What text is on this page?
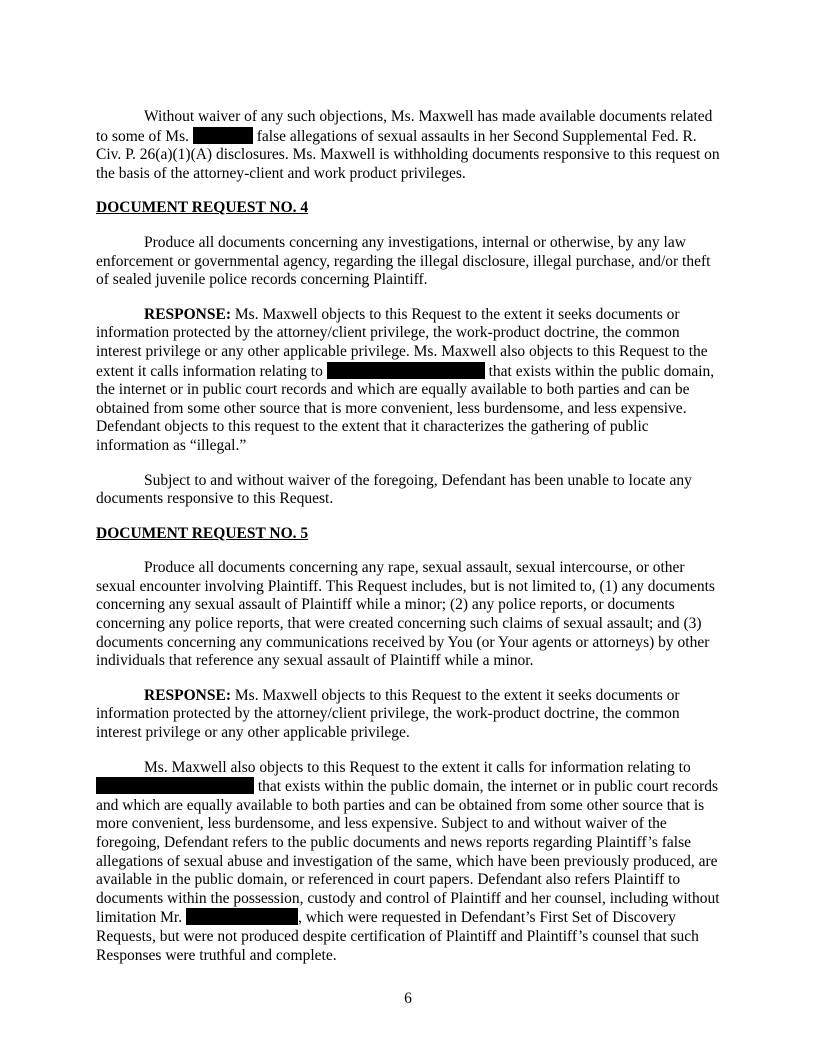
Without waiver of any such objections, Ms. Maxwell has made available documents related to some of Ms.	false allegations of sexual assaults in her Second Supplemental Fed. R. Civ. P. 26(a)(1)(A) disclosures. Ms. Maxwell is withholding documents responsive to this request on the basis of the attorney-client and work product privileges.

DOCUMENT REQUEST NO. 4

Produce all documents concerning any investigations, internal or otherwise, by any law enforcement or governmental agency, regarding the illegal disclosure, illegal purchase, and/or theft of sealed juvenile police records concerning Plaintiff.

RESPONSE: Ms. Maxwell objects to this Request to the extent it seeks documents or information protected by the attorney/client privilege, the work-product doctrine, the common interest privilege or any other applicable privilege. Ms. Maxwell also objects to this Request to the extent it calls information relating to	that exists within the public domain, the internet or in public court records and which are equally available to both parties and can be obtained from some other source that is more convenient, less burdensome, and less expensive. Defendant objects to this request to the extent that it characterizes the gathering of public information as “illegal.”

Subject to and without waiver of the foregoing, Defendant has been unable to locate any documents responsive to this Request.

DOCUMENT REQUEST NO. 5

Produce all documents concerning any rape, sexual assault, sexual intercourse, or other sexual encounter involving Plaintiff. This Request includes, but is not limited to, (1) any documents concerning any sexual assault of Plaintiff while a minor; (2) any police reports, or documents concerning any police reports, that were created concerning such claims of sexual assault; and (3) documents concerning any communications received by You (or Your agents or attorneys) by other individuals that reference any sexual assault of Plaintiff while a minor.

RESPONSE: Ms. Maxwell objects to this Request to the extent it seeks documents or information protected by the attorney/client privilege, the work-product doctrine, the common interest privilege or any other applicable privilege.

Ms. Maxwell also objects to this Request to the extent it calls for information relating to  that exists within the public domain, the internet or in public court records and which are equally available to both parties and can be obtained from some other source that is more convenient, less burdensome, and less expensive. Subject to and without waiver of the foregoing, Defendant refers to the public documents and news reports regarding Plaintiff’s false allegations of sexual abuse and investigation of the same, which have been previously produced, are available in the public domain, or referenced in court papers. Defendant also refers Plaintiff to documents within the possession, custody and control of Plaintiff and her counsel, including without limitation Mr.	, which were requested in Defendant’s First Set of Discovery Requests, but were not produced despite certification of Plaintiff and Plaintiff’s counsel that such Responses were truthful and complete.

6
